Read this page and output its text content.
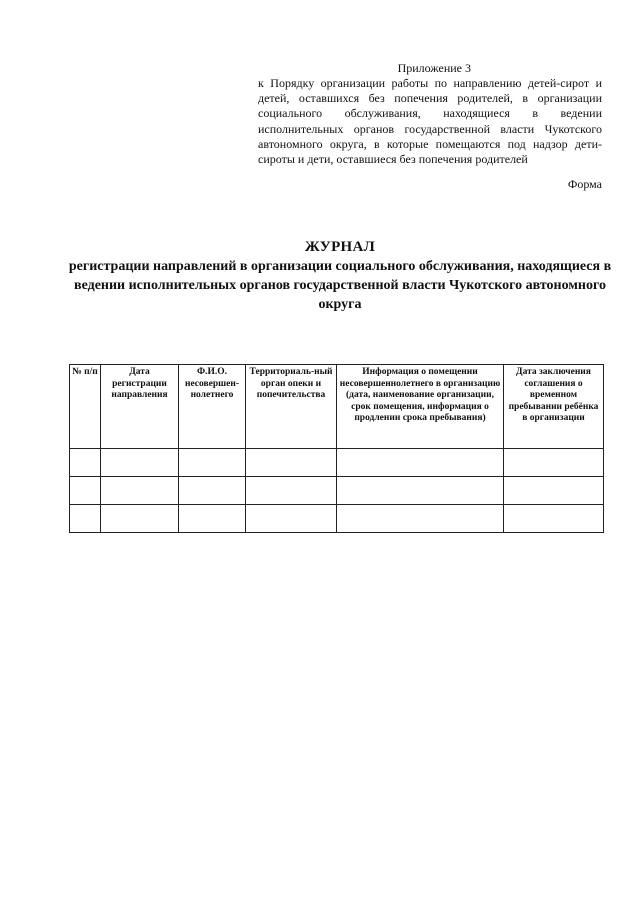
Приложение 3
к Порядку организации работы по направлению детей-сирот и детей, оставшихся без попечения родителей, в организации социального обслуживания, находящиеся в ведении исполнительных органов государственной власти Чукотского автономного округа, в которые помещаются под надзор дети-сироты и дети, оставшиеся без попечения родителей
Форма
ЖУРНАЛ
регистрации направлений в организации социального обслуживания, находящиеся в ведении исполнительных органов государственной власти Чукотского автономного округа
№ п/п	Дата регистрации направления	Ф.И.О. несовершен-нолетнего	Территориаль-ный орган опеки и попечительства	Информация о помещении несовершеннолетнего в организацию (дата, наименование организации, срок помещения, информация о продлении срока пребывания)	Дата заключения соглашения о временном пребывании ребёнка в организации
